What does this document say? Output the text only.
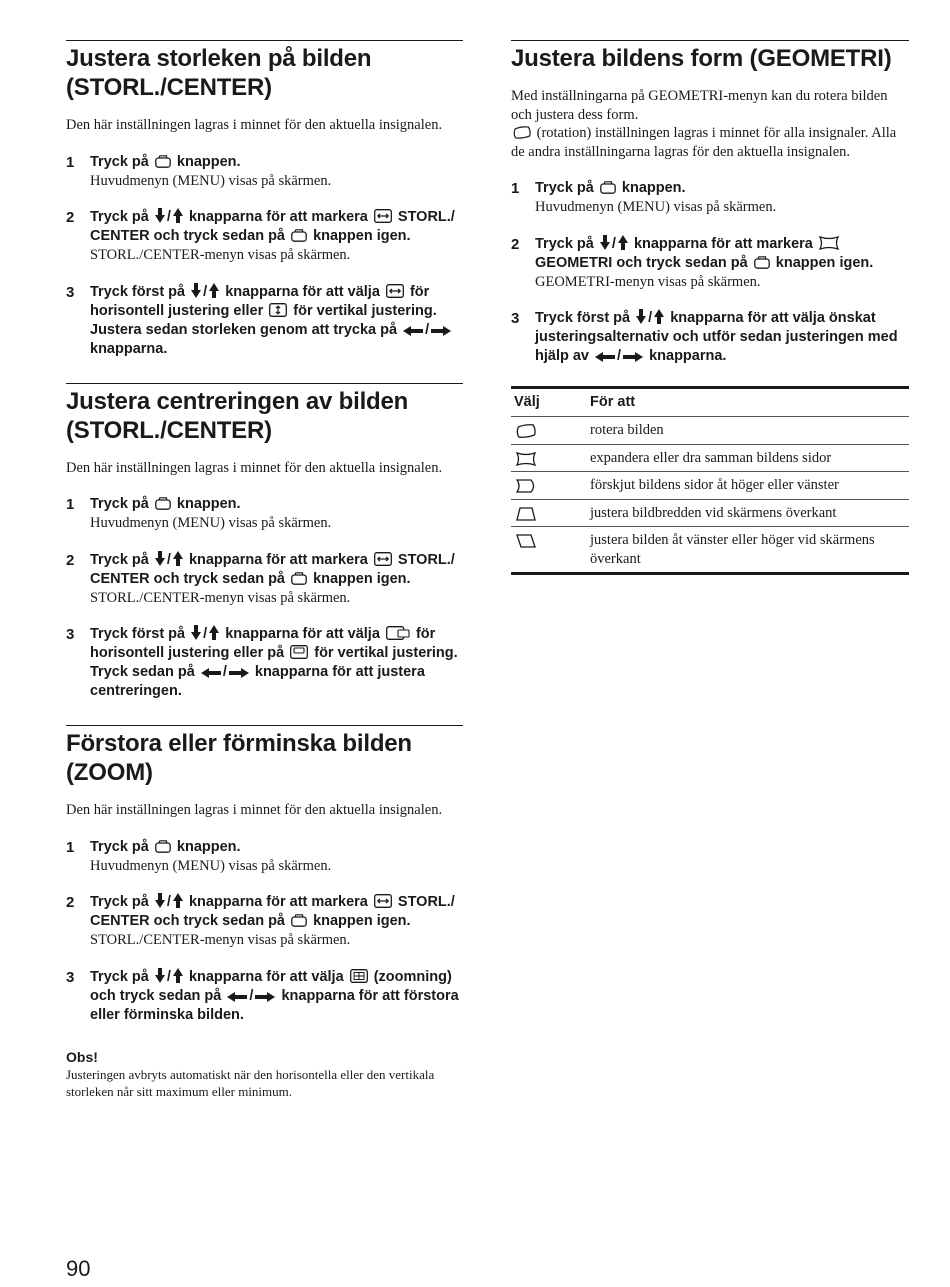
Justera storleken på bilden (STORL./CENTER)
Den här inställningen lagras i minnet för den aktuella insignalen.
1 Tryck på knappen.
Huvudmenyn (MENU) visas på skärmen.
2 Tryck på / knapparna för att markera STORL./ CENTER och tryck sedan på knappen igen.
STORL./CENTER-menyn visas på skärmen.
3 Tryck först på / knapparna för att välja för horisontell justering eller för vertikal justering. Justera sedan storleken genom att trycka på /
knapparna.
Justera centreringen av bilden (STORL./CENTER)
Den här inställningen lagras i minnet för den aktuella insignalen.
1 Tryck på knappen.
Huvudmenyn (MENU) visas på skärmen.
2 Tryck på / knapparna för att markera STORL./ CENTER och tryck sedan på knappen igen.
STORL./CENTER-menyn visas på skärmen.
3 Tryck först på / knapparna för att välja för horisontell justering eller på för vertikal justering. Tryck sedan på / knapparna för att justera centreringen.
Förstora eller förminska bilden (ZOOM)
Den här inställningen lagras i minnet för den aktuella insignalen.
1 Tryck på knappen.
Huvudmenyn (MENU) visas på skärmen.
2 Tryck på / knapparna för att markera STORL./ CENTER och tryck sedan på knappen igen.
STORL./CENTER-menyn visas på skärmen.
3 Tryck på / knapparna för att välja (zoomning) och tryck sedan på / knapparna för att förstora eller förminska bilden.
Obs!
Justeringen avbryts automatiskt när den horisontella eller den vertikala storleken når sitt maximum eller minimum.
Justera bildens form (GEOMETRI)

Med inställningarna på GEOMETRI-menyn kan du rotera bilden och justera dess form.

(rotation) inställningen lagras i minnet för alla insignaler. Alla de andra inställningarna lagras för den aktuella insignalen.

1 Tryck på knappen.
Huvudmenyn (MENU) visas på skärmen.
2 Tryck på / knapparna för att markera
GEOMETRI och tryck sedan på knappen igen.
GEOMETRI-menyn visas på skärmen.
3 Tryck först på / knapparna för att välja önskat justeringsalternativ och utför sedan justeringen med hjälp av / knapparna.
Välj	För att
rotera bilden
expandera eller dra samman bildens sidor
förskjut bildens sidor åt höger eller vänster
justera bildbredden vid skärmens överkant
justera bilden åt vänster eller höger vid skärmens överkant
90
